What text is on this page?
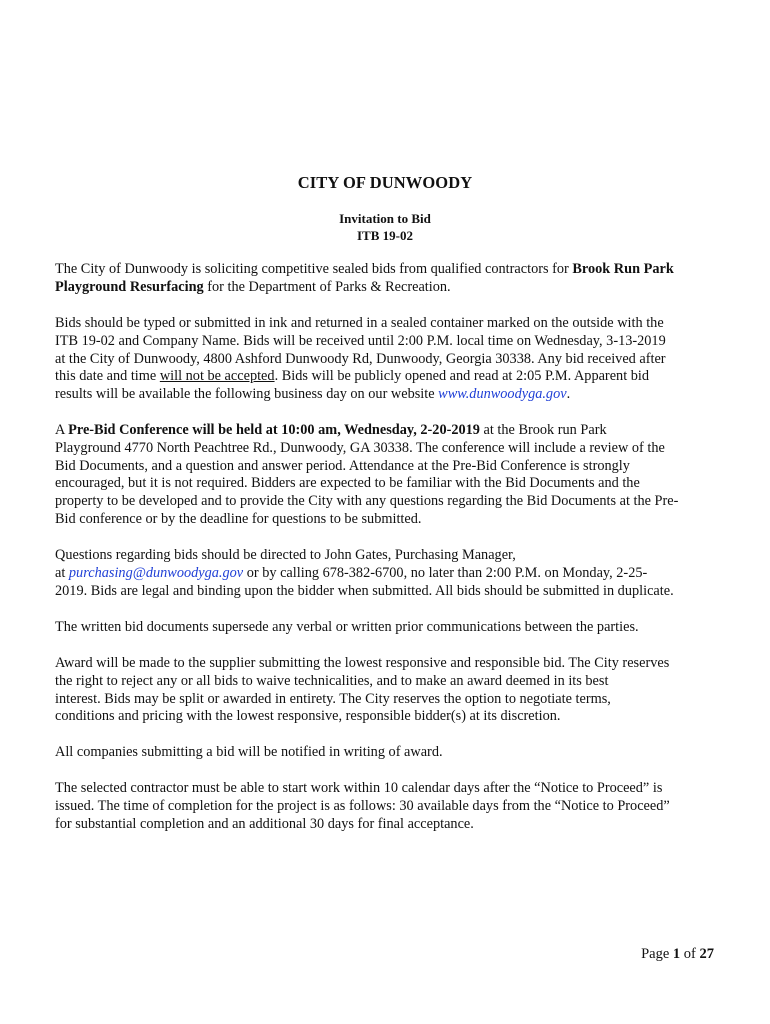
CITY OF DUNWOODY
Invitation to Bid
ITB 19-02
The City of Dunwoody is soliciting competitive sealed bids from qualified contractors for Brook Run Park
Playground Resurfacing for the Department of Parks & Recreation.
Bids should be typed or submitted in ink and returned in a sealed container marked on the outside with the
ITB 19-02 and Company Name. Bids will be received until 2:00 P.M. local time on Wednesday, 3-13-2019
at the City of Dunwoody, 4800 Ashford Dunwoody Rd, Dunwoody, Georgia 30338. Any bid received after
this date and time will not be accepted. Bids will be publicly opened and read at 2:05 P.M. Apparent bid
results will be available the following business day on our website www.dunwoodyga.gov.
A Pre-Bid Conference will be held at 10:00 am, Wednesday, 2-20-2019 at the Brook run Park
Playground 4770 North Peachtree Rd., Dunwoody, GA 30338. The conference will include a review of the
Bid Documents, and a question and answer period. Attendance at the Pre-Bid Conference is strongly
encouraged, but it is not required. Bidders are expected to be familiar with the Bid Documents and the
property to be developed and to provide the City with any questions regarding the Bid Documents at the Pre-
Bid conference or by the deadline for questions to be submitted.
Questions regarding bids should be directed to John Gates, Purchasing Manager,
at purchasing@dunwoodyga.gov or by calling 678-382-6700, no later than 2:00 P.M. on Monday, 2-25-
2019. Bids are legal and binding upon the bidder when submitted. All bids should be submitted in duplicate.
The written bid documents supersede any verbal or written prior communications between the parties.
Award will be made to the supplier submitting the lowest responsive and responsible bid. The City reserves
the right to reject any or all bids to waive technicalities, and to make an award deemed in its best
interest. Bids may be split or awarded in entirety. The City reserves the option to negotiate terms,
conditions and pricing with the lowest responsive, responsible bidder(s) at its discretion.
All companies submitting a bid will be notified in writing of award.
The selected contractor must be able to start work within 10 calendar days after the “Notice to Proceed” is
issued. The time of completion for the project is as follows: 30 available days from the “Notice to Proceed”
for substantial completion and an additional 30 days for final acceptance.
Page 1 of 27
